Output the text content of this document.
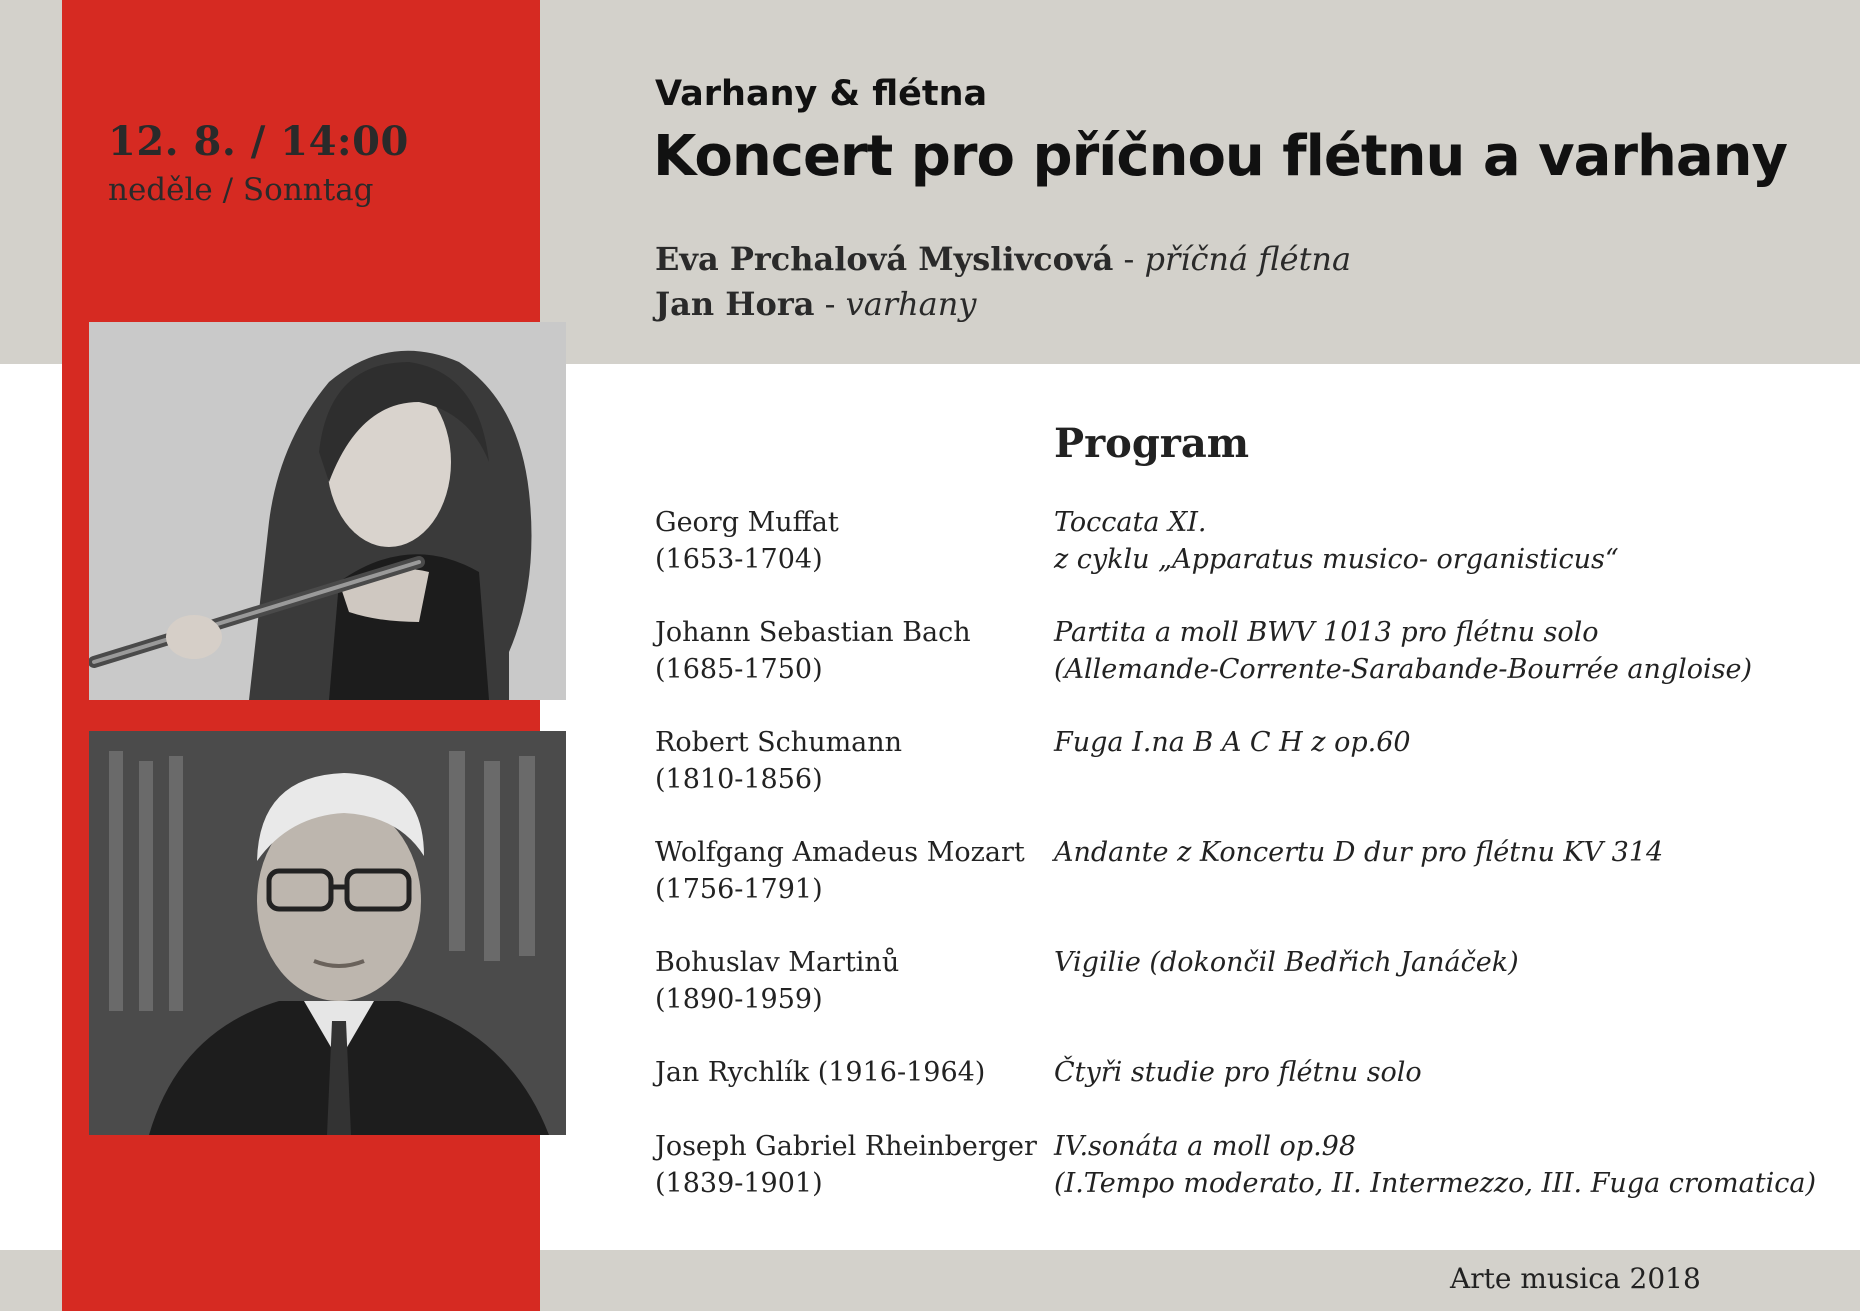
12. 8. / 14:00
neděle / Sonntag
Varhany & flétna
Koncert pro příčnou flétnu a varhany
Eva Prchalová Myslivcová - příčná flétna
Jan Hora - varhany
Program
Georg Muffat
(1653-1704)
Toccata XI.
z cyklu „Apparatus musico- organisticus“
Johann Sebastian Bach
(1685-1750)
Partita a moll BWV 1013 pro flétnu solo
(Allemande-Corrente-Sarabande-Bourrée angloise)
Robert Schumann
(1810-1856)
Fuga I.na B A C H z op.60
Wolfgang Amadeus Mozart
(1756-1791)
Andante z Koncertu D dur pro flétnu KV 314
Bohuslav Martinů
(1890-1959)
Vigilie (dokončil Bedřich Janáček)
Jan Rychlík (1916-1964)	Čtyři studie pro flétnu solo
Joseph Gabriel Rheinberger
(1839-1901)
IV.sonáta a moll op.98
(I.Tempo moderato, II. Intermezzo, III. Fuga cromatica)
Arte musica 2018
